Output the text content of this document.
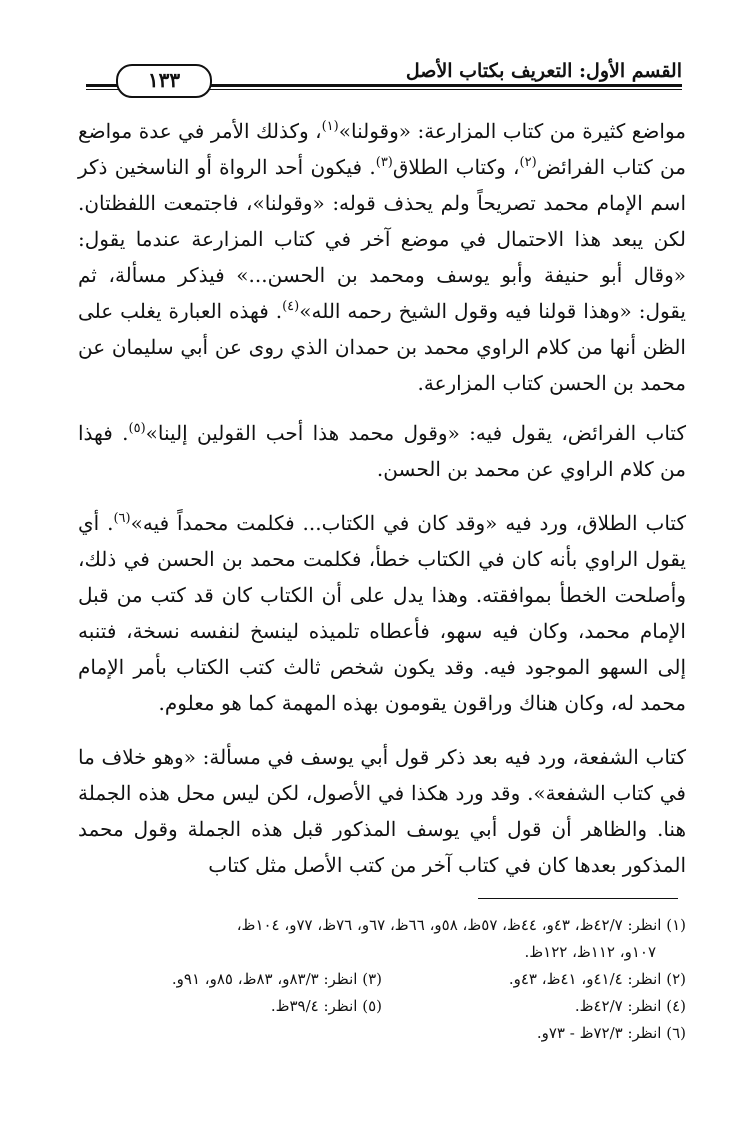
القسم الأول: التعريف بكتاب الأصل
١٣٣

مواضع كثيرة من كتاب المزارعة: «وقولنا»$^{(١)}$، وكذلك الأمر في عدة مواضع من كتاب الفرائض$^{(٢)}$، وكتاب الطلاق$^{(٣)}$. فيكون أحد الرواة أو الناسخين ذكر اسم الإمام محمد تصريحاً ولم يحذف قوله: «وقولنا»، فاجتمعت اللفظتان. لكن يبعد هذا الاحتمال في موضع آخر في كتاب المزارعة عندما يقول: «وقال أبو حنيفة وأبو يوسف ومحمد بن الحسن...» فيذكر مسألة، ثم يقول: «وهذا قولنا فيه وقول الشيخ رحمه الله»$^{(٤)}$. فهذه العبارة يغلب على الظن أنها من كلام الراوي محمد بن حمدان الذي روى عن أبي سليمان عن محمد بن الحسن كتاب المزارعة.

كتاب الفرائض، يقول فيه: «وقول محمد هذا أحب القولين إلينا»$^{(٥)}$. فهذا من كلام الراوي عن محمد بن الحسن.

كتاب الطلاق، ورد فيه «وقد كان في الكتاب... فكلمت محمداً فيه»$^{(٦)}$. أي يقول الراوي بأنه كان في الكتاب خطأ، فكلمت محمد بن الحسن في ذلك، وأصلحت الخطأ بموافقته. وهذا يدل على أن الكتاب كان قد كتب من قبل الإمام محمد، وكان فيه سهو، فأعطاه تلميذه لينسخ لنفسه نسخة، فتنبه إلى السهو الموجود فيه. وقد يكون شخص ثالث كتب الكتاب بأمر الإمام محمد له، وكان هناك وراقون يقومون بهذه المهمة كما هو معلوم.

كتاب الشفعة، ورد فيه بعد ذكر قول أبي يوسف في مسألة: «وهو خلاف ما في كتاب الشفعة». وقد ورد هكذا في الأصول، لكن ليس محل هذه الجملة هنا. والظاهر أن قول أبي يوسف المذكور قبل هذه الجملة وقول محمد المذكور بعدها كان في كتاب آخر من كتب الأصل مثل كتاب

(١) انظر: ٤٢/٧ظ، ٤٣و، ٤٤ظ، ٥٧ظ، ٥٨و، ٦٦ظ، ٦٧و، ٧٦ظ، ٧٧و، ١٠٤ظ،
١٠٧و، ١١٢ظ، ١٢٢ظ.
(٢) انظر: ٤١/٤و، ٤١ظ، ٤٣و.
(٣) انظر: ٨٣/٣و، ٨٣ظ، ٨٥و، ٩١و.
(٤) انظر: ٤٢/٧ظ.
(٥) انظر: ٣٩/٤ظ.
(٦) انظر: ٧٢/٣ظ - ٧٣و.
